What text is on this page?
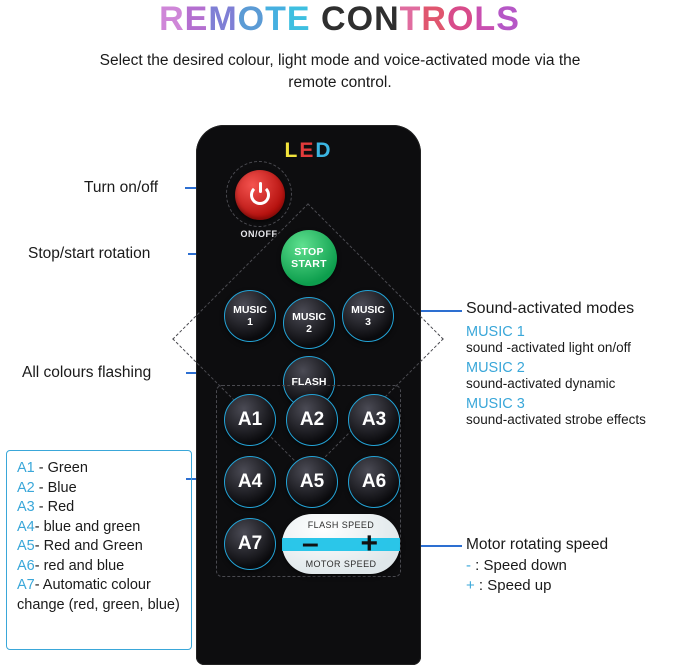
REMOTE CONTROLS
Select the desired colour, light mode and voice-activated mode via the remote control.
Turn on/off
Stop/start rotation
All colours flashing
LED
ON/OFF
STOP
START
MUSIC
1	MUSIC
2
MUSIC
3
FLASH
A1 A2 A3
A4 A5 A6
A7
FLASH SPEED
– +
MOTOR SPEED
Sound-activated modes
MUSIC 1
sound -activated light on/off
MUSIC 2
sound-activated dynamic
MUSIC 3
sound-activated strobe effects
Motor rotating speed
- : Speed down
+ : Speed up
A1 - Green
A2 - Blue
A3 - Red
A4- blue and green
A5- Red and Green
A6- red and blue
A7- Automatic colour change (red, green, blue)
